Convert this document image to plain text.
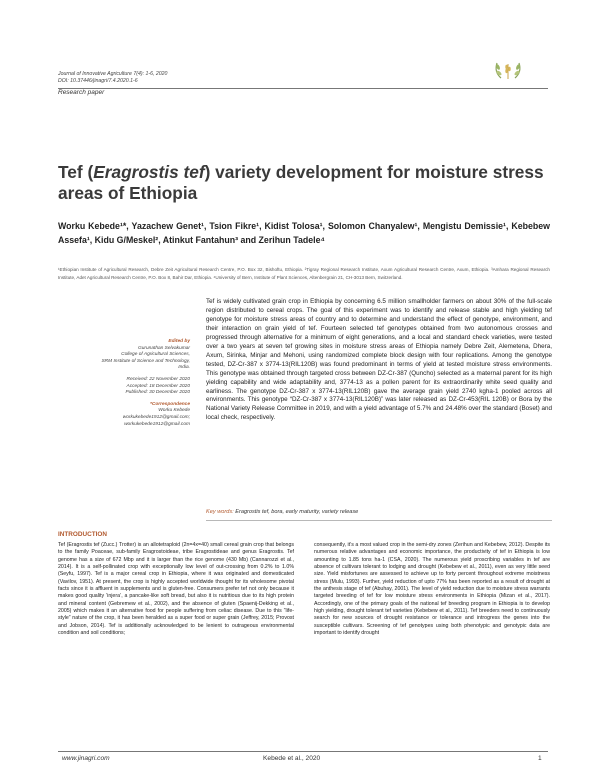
Journal of Innovative Agriculture 7(4): 1-6, 2020
DOI: 10.37446/jinagri/7.4.2020.1-6
Research paper
Tef (Eragrostis tef) variety development for moisture stress areas of Ethiopia
Worku Kebede¹*, Yazachew Genet¹, Tsion Fikre¹, Kidist Tolosa¹, Solomon Chanyalew¹, Mengistu Demissie¹, Kebebew Assefa¹, Kidu G/Meskel², Atinkut Fantahun³ and Zerihun Tadele⁴
¹Ethiopian Institute of Agricultural Research, Debre Zeit Agricultural Research Centre, P.O. Box 32, Bishoftu, Ethiopia. ²Tigray Regional Research Institute, Axum Agricultural Research Centre, Axum, Ethiopia. ³Amhara Regional Research Institute, Adet Agricultural Research Centre, P.O. Box 8, Bahir Dar, Ethiopia. ⁴University of Bern, Institute of Plant Sciences, Altenbergrain 21, CH-3013 Bern, Switzerland.
Edited by
Gurunathan Selvakumar
College of Agricultural Sciences,
SRM Institute of Science and Technology,
India.
Received: 22 November 2020
Accepted: 18 December 2020
Published: 30 December 2020
*Correspondence
Worku Kebede
workukebede1912@gmail.com;
workukebede1912@gmail.com

Tef is widely cultivated grain crop in Ethiopia by concerning 6.5 million smallholder farmers on about 30% of the full-scale region distributed to cereal crops. The goal of this experiment was to identify and release stable and high yielding tef genotype for moisture stress areas of country and to determine and understand the effect of genotype, environment, and their interaction on grain yield of tef. Fourteen selected tef genotypes obtained from two autonomous crosses and progressed through alternative for a minimum of eight generations, and a local and standard check varieties, were tested over a two years at seven tef growing sites in moisture stress areas of Ethiopia namely Debre Zeit, Alemetena, Dhera, Axum, Sirinka, Minjar and Mehoni, using randomized complete block design with four replications. Among the genotype tested, DZ-Cr-387 x 3774-13(RIL120B) was found predominant in terms of yield at tested moisture stress environments. This genotype was obtained through targeted cross between DZ-Cr-387 (Quncho) selected as a maternal parent for its high yielding capability and wide adaptability and, 3774-13 as a pollen parent for its extraordinarily white seed quality and earliness. The genotype DZ-Cr-387 x 3774-13(RIL120B) gave the average grain yield 2740 kgha-1 pooled across all environments. This genotype “DZ-Cr-387 x 3774-13(RIL120B)” was later released as DZ-Cr-453(RIL 120B) or Bora by the National Variety Release Committee in 2019, and with a yield advantage of 5.7% and 24.48% over the standard (Boset) and local check, respectively.

Key words: Eragrostis tef, bora, early maturity, variety release
INTRODUCTION

Tef (Eragrostis tef (Zucc.) Trotter) is an allotetraploid (2n=4x=40) small cereal grain crop that belongs to the family Poaceae, sub-family Eragrostoideae, tribe Eragrostideae and genus Eragrostis. Tef genome has a size of 672 Mbp and it is larger than the rice genome (430 Mb) (Cannarozzi et al., 2014). It is a self-pollinated crop with exceptionally low level of out-crossing from 0.2% to 1.0% (Seyfu, 1997). Tef is a major cereal crop in Ethiopia, where it was originated and domesticated (Vavilov, 1951). At present, the crop is highly accepted worldwide thought for its wholesome pivotal facts since it is affluent in supplements and is gluten-free. Consumers prefer tef not only because it makes good quality ‘injera’, a pancake-like soft bread, but also it is nutritious due to its high protein and mineral content (Gebremew et al., 2002), and the absence of gluten (Spaenij-Dekking et al., 2005) which makes it an alternative food for people suffering from celiac disease. Due to this “life-style” nature of the crop, it has been heralded as a super food or super grain (Jeffrey, 2015; Provost and Jobson, 2014). Tef is additionally acknowledged to be lenient to outrageous environmental condition and soil conditions;

consequently, it’s a most valued crop in the semi-dry zones (Zerihun and Kebebew, 2012). Despite its numerous relative advantages and economic importance, the productivity of tef in Ethiopia is low amounting to 1.85 tons ha-1 (CSA, 2020). The numerous yield proscribing variables in tef are absence of cultivars tolerant to lodging and drought (Kebebew et al., 2011), even as very little seed size. Yield misfortunes are assessed to achieve up to forty percent throughout extreme moistness stress (Mulu, 1993). Further, yield reduction of upto 77% has been reported as a result of drought at the anthesis stage of tef (Abuhay, 2001). The level of yield reduction due to moisture stress warrants targeted breeding of tef for low moisture stress environments in Ethiopia (Mizan et al., 2017). Accordingly, one of the primary goals of the national tef breeding program in Ethiopia is to develop high yielding, drought tolerant tef varieties (Kebebew et al., 2011). Tef breeders need to continuously search for new sources of drought resistance or tolerance and introgress the genes into the susceptible cultivars. Screening of tef genotypes using both phenotypic and genotypic data are important to identify drought

www.jinagri.com	Kebede et al., 2020	1
